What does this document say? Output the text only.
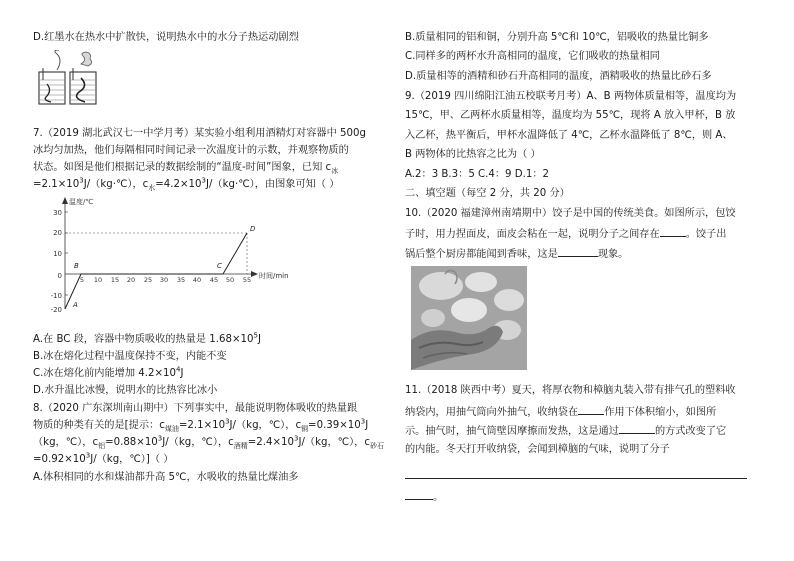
D.红墨水在热水中扩散快，说明热水中的水分子热运动剧烈
7.（2019 湖北武汉七一中学月考）某实验小组利用酒精灯对容器中 500g
冰均匀加热，他们每隔相同时间记录一次温度计的示数，并观察物质的
状态。如图是他们根据记录的数据绘制的“温度-时间”图象，已知 $c_冰$
$=2.1\times 10^3J/(kg\cdot℃)$，$c_水=4.2\times 10^3J/(kg\cdot℃)$，由图象可知（ ）
温度/℃
时间/min
30
20
10
0
-10
-20
5 10 15 20 25 30 35 40 45 50 55
A
B	C
D
A.在 BC 段，容器中物质吸收的热量是 $1.68\times 10^5J$
B.冰在熔化过程中温度保持不变，内能不变
C.冰在熔化前内能增加 $4.2\times 10^4J$
D.水升温比冰慢，说明水的比热容比冰小
8.（2020 广东深圳南山期中）下列事实中，最能说明物体吸收的热量跟
物质的种类有关的是[提示：$c_{煤油}=2.1\times 10^3J/(kg$，℃），$c_铜=0.39\times 10^3J$
（kg，℃），$c_铝=0.88\times 10^3J/(kg$，℃），$c_{酒精}=2.4\times 10^3J/(kg$，℃），$c_{砂石}$
$=0.92\times 10^3J/(kg$，℃）]（ ）
A.体积相同的水和煤油都升高 5℃，水吸收的热量比煤油多
B.质量相同的铝和铜，分别升高 5℃和 10℃，铝吸收的热量比铜多
C.同样多的两杯水升高相同的温度，它们吸收的热量相同
D.质量相等的酒精和砂石升高相同的温度，酒精吸收的热量比砂石多
9.（2019 四川绵阳江油五校联考月考）A、B 两物体质量相等，温度均为
15℃，甲、乙两杯水质量相等，温度均为 55℃，现将 A 放入甲杯，B 放
入乙杯，热平衡后，甲杯水温降低了 4℃，乙杯水温降低了 8℃，则 A、
B 两物体的比热容之比为（ ）
A.2：3 B.3：5 C.4：9 D.1：2
二、填空题（每空 2 分，共 20 分）
10.（2020 福建漳州南靖期中）饺子是中国的传统美食。如图所示，包饺
子时，用力捏面皮，面皮会粘在一起，说明分子之间存在	。饺子出
锅后整个厨房都能闻到香味，这是	现象。
11.（2018 陕西中考）夏天，将厚衣物和樟脑丸装入带有排气孔的塑料收
纳袋内，用抽气筒向外抽气，收纳袋在	作用下体积缩小，如图所
示。抽气时，抽气筒壁因摩擦而发热，这是通过	的方式改变了它
的内能。冬天打开收纳袋，会闻到樟脑的气味，说明了分子
。
